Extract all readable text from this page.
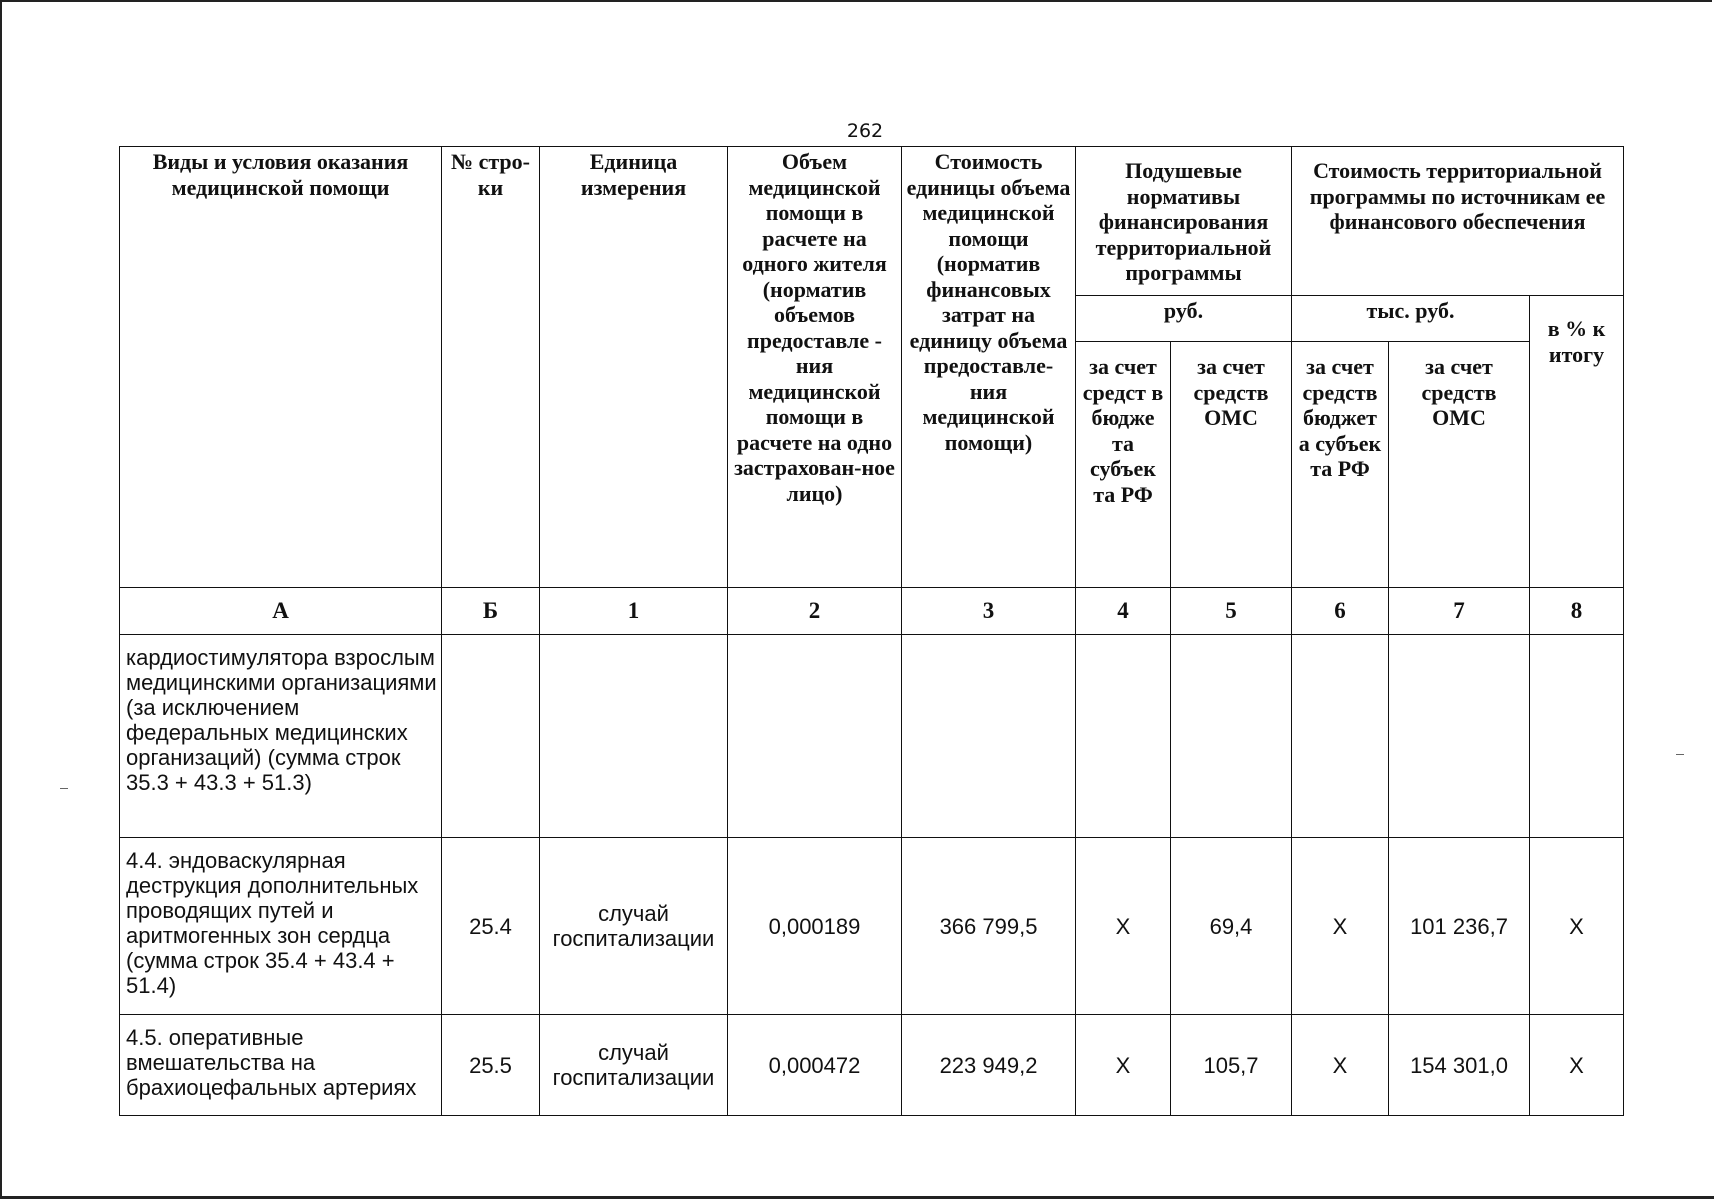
262
Виды и условия оказания медицинской помощи	№ стро-ки	Единица измерения	Объем медицинской помощи в расчете на одного жителя (норматив объемов предоставле - ния медицинской помощи в расчете на одно застрахован-ное лицо)	Стоимость единицы объема медицинской помощи (норматив финансовых затрат на единицу объема предоставле-ния медицинской помощи)	Подушевые нормативы финансирования территориальной программы		Стоимость территориальной программы по источникам ее финансового обеспечения		
					руб.		тыс. руб.		в % к итогу
					за счет средст в бюдже та субъек та РФ	за счет средств ОМС	за счет средств бюджет а субъек та РФ	за счет средств ОМС	
А	Б	1	2	3	4	5	6	7	8
кардиостимулятора взрослым медицинскими организациями (за исключением федеральных медицинских организаций) (сумма строк 35.3 + 43.3 + 51.3)									
4.4. эндоваскулярная деструкция дополнительных проводящих путей и аритмогенных зон сердца (сумма строк 35.4 + 43.4 + 51.4)	25.4	случай госпитализации	0,000189	366 799,5	Х	69,4	Х	101 236,7	Х
4.5. оперативные вмешательства на брахиоцефальных артериях	25.5	случай госпитализации	0,000472	223 949,2	Х	105,7	Х	154 301,0	Х
